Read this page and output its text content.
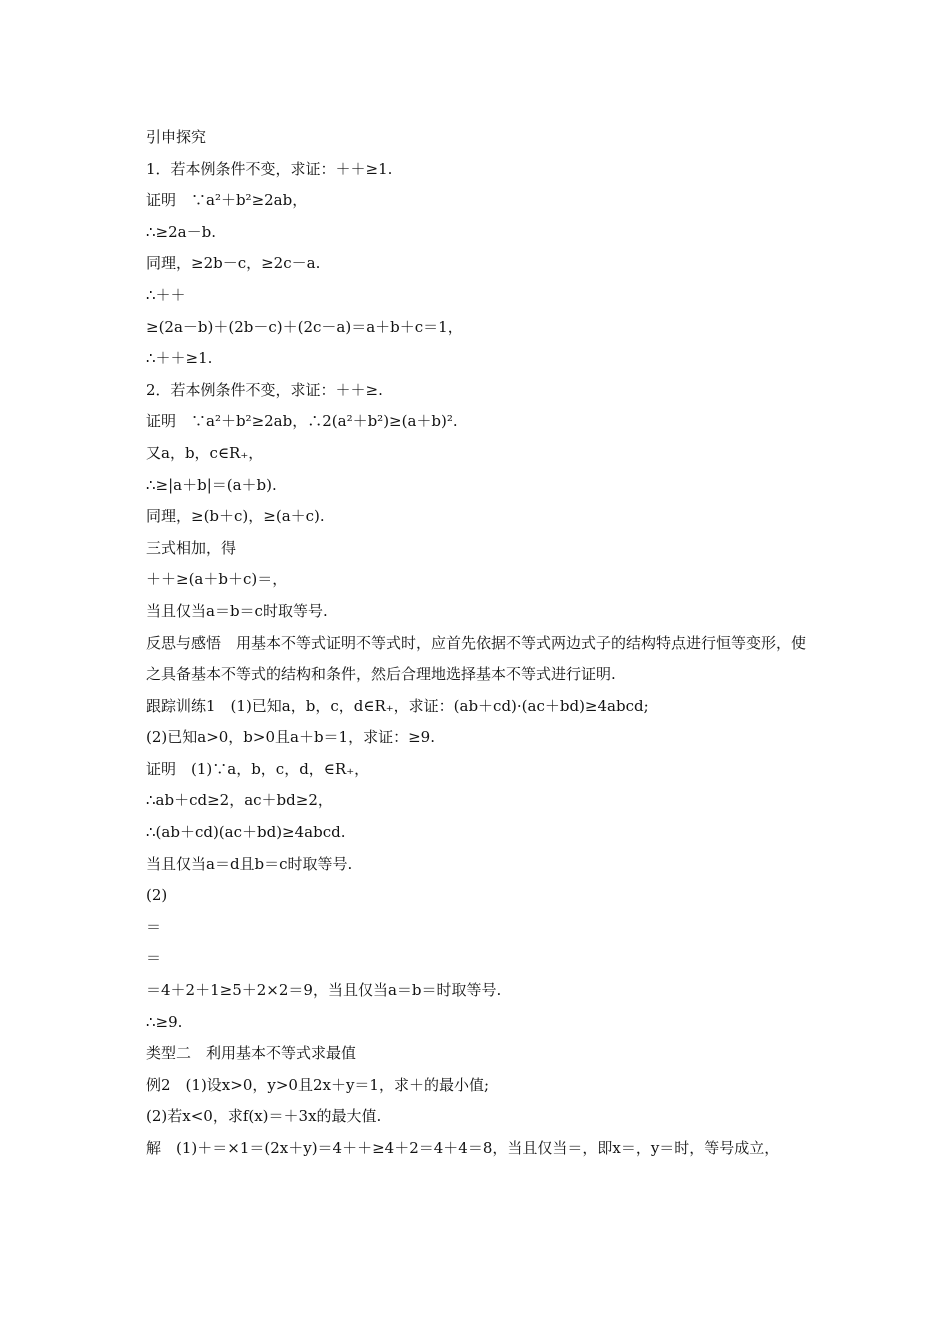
引申探究
1．若本例条件不变，求证：＋＋≥1.
证明　∵a²＋b²≥2ab，
∴≥2a－b.
同理，≥2b－c，≥2c－a.
∴＋＋
≥(2a－b)＋(2b－c)＋(2c－a)＝a＋b＋c＝1，
∴＋＋≥1.
2．若本例条件不变，求证：＋＋≥.
证明　∵a²＋b²≥2ab，∴2(a²＋b²)≥(a＋b)².
又a，b，c∈R₊，
∴≥|a＋b|＝(a＋b).
同理，≥(b＋c)，≥(a＋c).
三式相加，得
＋＋≥(a＋b＋c)＝，
当且仅当a＝b＝c时取等号.
反思与感悟　用基本不等式证明不等式时，应首先依据不等式两边式子的结构特点进行恒等变形，使之具备基本不等式的结构和条件，然后合理地选择基本不等式进行证明.
跟踪训练1　(1)已知a，b，c，d∈R₊，求证：(ab＋cd)·(ac＋bd)≥4abcd;
(2)已知a>0，b>0且a＋b＝1，求证：≥9.
证明　(1)∵a，b，c，d，∈R₊，
∴ab＋cd≥2，ac＋bd≥2，
∴(ab＋cd)(ac＋bd)≥4abcd.
当且仅当a＝d且b＝c时取等号.
(2)
＝
＝
＝4＋2＋1≥5＋2×2＝9，当且仅当a＝b＝时取等号.
∴≥9.
类型二　利用基本不等式求最值
例2　(1)设x>0，y>0且2x＋y＝1，求＋的最小值;
(2)若x<0，求f(x)＝＋3x的最大值.
解　(1)＋＝×1＝(2x＋y)＝4＋＋≥4＋2＝4＋4＝8，当且仅当＝，即x＝，y＝时，等号成立，
